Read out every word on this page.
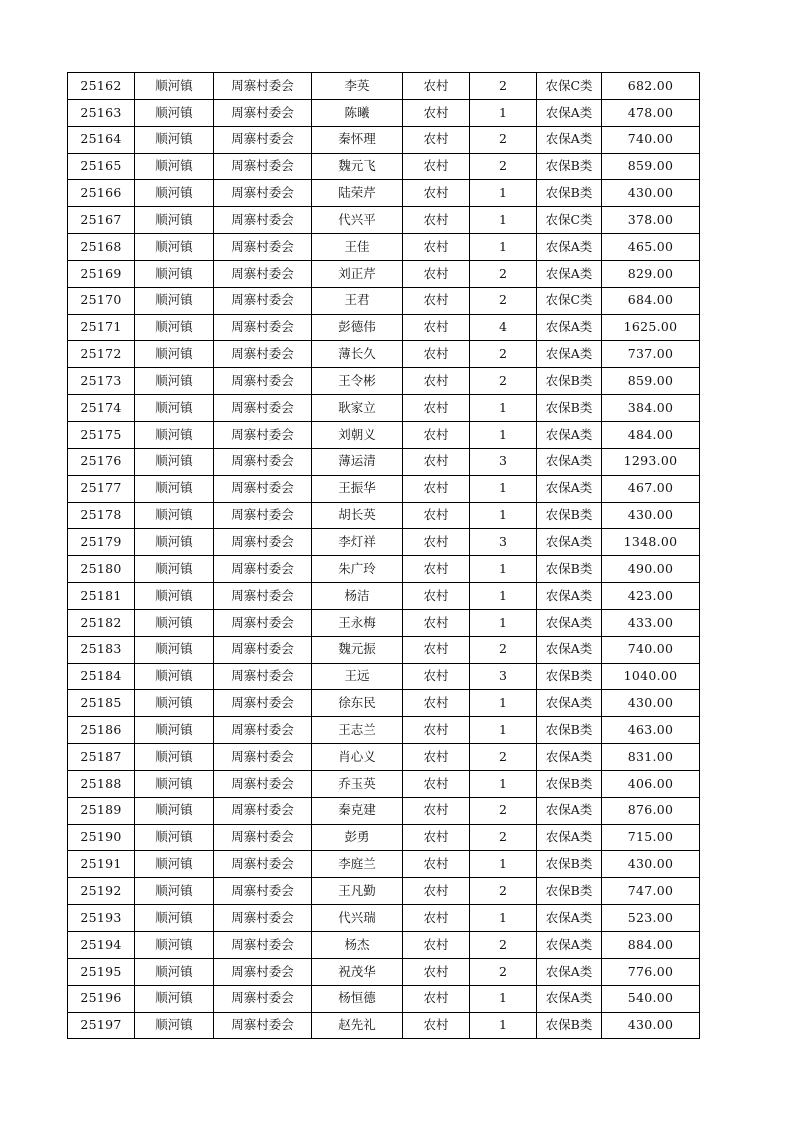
25162	顺河镇	周寨村委会	李英	农村	2	农保C类	682.00
25163	顺河镇	周寨村委会	陈曦	农村	1	农保A类	478.00
25164	顺河镇	周寨村委会	秦怀理	农村	2	农保A类	740.00
25165	顺河镇	周寨村委会	魏元飞	农村	2	农保B类	859.00
25166	顺河镇	周寨村委会	陆荣芹	农村	1	农保B类	430.00
25167	顺河镇	周寨村委会	代兴平	农村	1	农保C类	378.00
25168	顺河镇	周寨村委会	王佳	农村	1	农保A类	465.00
25169	顺河镇	周寨村委会	刘正芹	农村	2	农保A类	829.00
25170	顺河镇	周寨村委会	王君	农村	2	农保C类	684.00
25171	顺河镇	周寨村委会	彭德伟	农村	4	农保A类	1625.00
25172	顺河镇	周寨村委会	薄长久	农村	2	农保A类	737.00
25173	顺河镇	周寨村委会	王令彬	农村	2	农保B类	859.00
25174	顺河镇	周寨村委会	耿家立	农村	1	农保B类	384.00
25175	顺河镇	周寨村委会	刘朝义	农村	1	农保A类	484.00
25176	顺河镇	周寨村委会	薄运清	农村	3	农保A类	1293.00
25177	顺河镇	周寨村委会	王振华	农村	1	农保A类	467.00
25178	顺河镇	周寨村委会	胡长英	农村	1	农保B类	430.00
25179	顺河镇	周寨村委会	李灯祥	农村	3	农保A类	1348.00
25180	顺河镇	周寨村委会	朱广玲	农村	1	农保B类	490.00
25181	顺河镇	周寨村委会	杨洁	农村	1	农保A类	423.00
25182	顺河镇	周寨村委会	王永梅	农村	1	农保A类	433.00
25183	顺河镇	周寨村委会	魏元振	农村	2	农保A类	740.00
25184	顺河镇	周寨村委会	王远	农村	3	农保B类	1040.00
25185	顺河镇	周寨村委会	徐东民	农村	1	农保A类	430.00
25186	顺河镇	周寨村委会	王志兰	农村	1	农保B类	463.00
25187	顺河镇	周寨村委会	肖心义	农村	2	农保A类	831.00
25188	顺河镇	周寨村委会	乔玉英	农村	1	农保B类	406.00
25189	顺河镇	周寨村委会	秦克建	农村	2	农保A类	876.00
25190	顺河镇	周寨村委会	彭勇	农村	2	农保A类	715.00
25191	顺河镇	周寨村委会	李庭兰	农村	1	农保B类	430.00
25192	顺河镇	周寨村委会	王凡勤	农村	2	农保B类	747.00
25193	顺河镇	周寨村委会	代兴瑞	农村	1	农保A类	523.00
25194	顺河镇	周寨村委会	杨杰	农村	2	农保A类	884.00
25195	顺河镇	周寨村委会	祝茂华	农村	2	农保A类	776.00
25196	顺河镇	周寨村委会	杨恒德	农村	1	农保A类	540.00
25197	顺河镇	周寨村委会	赵先礼	农村	1	农保B类	430.00
